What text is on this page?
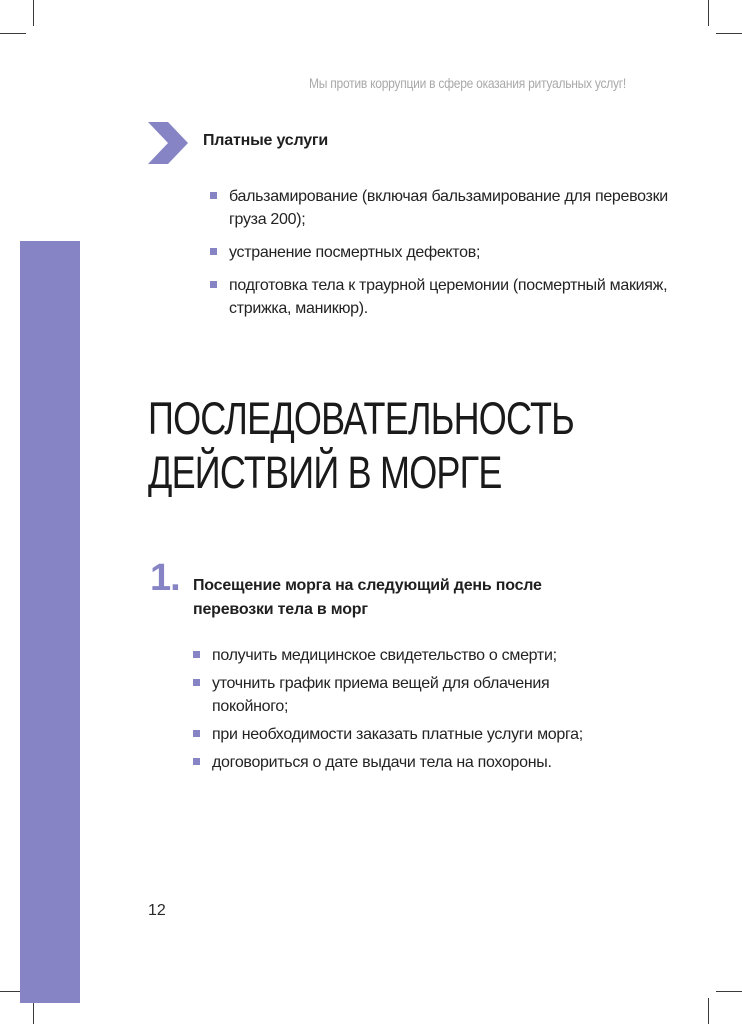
Мы против коррупции в сфере оказания ритуальных услуг!
Платные услуги
бальзамирование (включая бальзамирование для перевозки груза 200);
устранение посмертных дефектов;
подготовка тела к траурной церемонии (посмертный макияж, стрижка, маникюр).
ПОСЛЕДОВАТЕЛЬНОСТЬ
ДЕЙСТВИЙ В МОРГЕ
1. Посещение морга на следующий день после перевозки тела в морг
получить медицинское свидетельство о смерти;
уточнить график приема вещей для облачения покойного;
при необходимости заказать платные услуги морга;
договориться о дате выдачи тела на похороны.
12
